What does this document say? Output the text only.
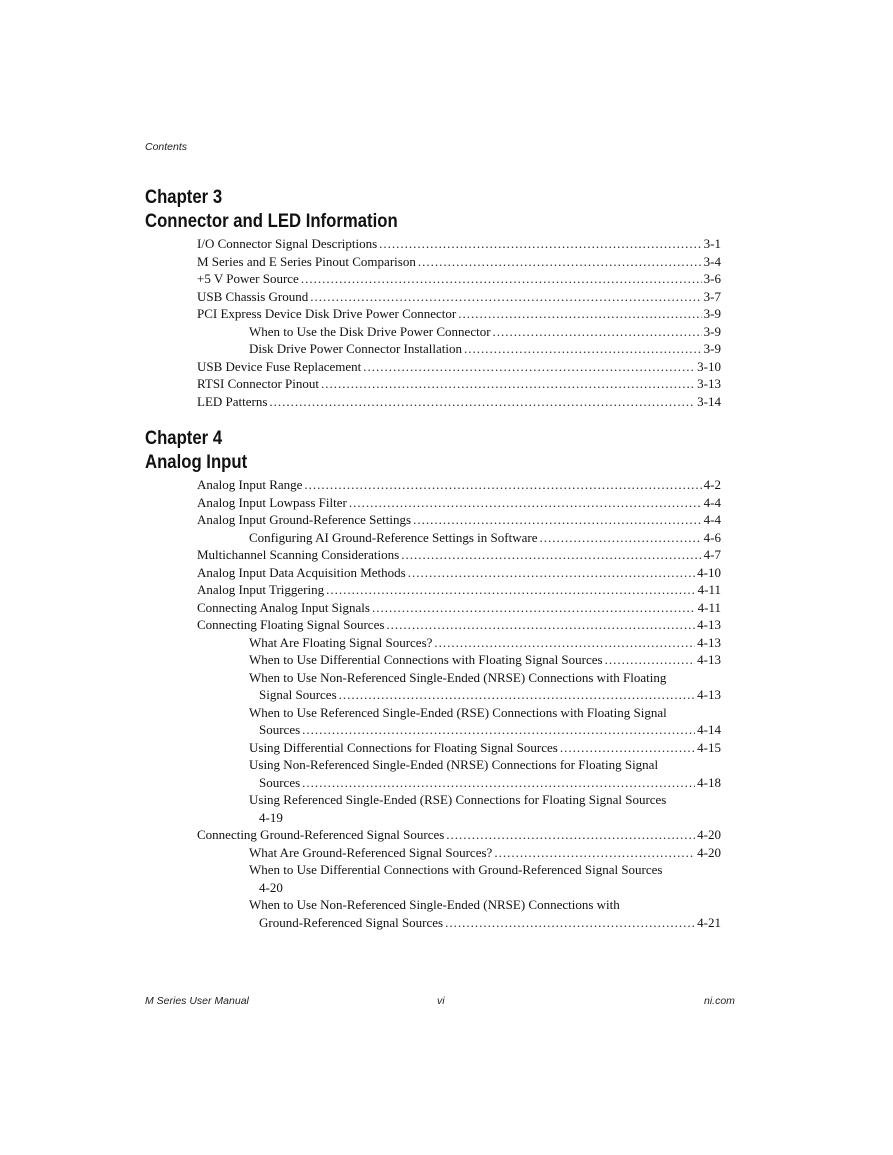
Contents
Chapter 3
Connector and LED Information
I/O Connector Signal Descriptions .....	3-1
M Series and E Series Pinout Comparison .....	3-4
+5 V Power Source .....	3-6
USB Chassis Ground .....	3-7
PCI Express Device Disk Drive Power Connector .....	3-9
When to Use the Disk Drive Power Connector .....	3-9
Disk Drive Power Connector Installation .....	3-9
USB Device Fuse Replacement .....	3-10
RTSI Connector Pinout .....	3-13
LED Patterns .....	3-14
Chapter 4
Analog Input
Analog Input Range .....	4-2
Analog Input Lowpass Filter .....	4-4
Analog Input Ground-Reference Settings .....	4-4
Configuring AI Ground-Reference Settings in Software .....	4-6
Multichannel Scanning Considerations .....	4-7
Analog Input Data Acquisition Methods .....	4-10
Analog Input Triggering .....	4-11
Connecting Analog Input Signals .....	4-11
Connecting Floating Signal Sources .....	4-13
What Are Floating Signal Sources? .....	4-13
When to Use Differential Connections with Floating Signal Sources .....	4-13
When to Use Non-Referenced Single-Ended (NRSE) Connections with Floating
Signal Sources .....	4-13
When to Use Referenced Single-Ended (RSE) Connections with Floating Signal
Sources .....	4-14
Using Differential Connections for Floating Signal Sources .....	4-15
Using Non-Referenced Single-Ended (NRSE) Connections for Floating Signal
Sources .....	4-18
Using Referenced Single-Ended (RSE) Connections for Floating Signal Sources
4-19
Connecting Ground-Referenced Signal Sources .....	4-20
What Are Ground-Referenced Signal Sources? .....	4-20
When to Use Differential Connections with Ground-Referenced Signal Sources
4-20
When to Use Non-Referenced Single-Ended (NRSE) Connections with
Ground-Referenced Signal Sources .....	4-21
M Series User Manual	vi	ni.com
